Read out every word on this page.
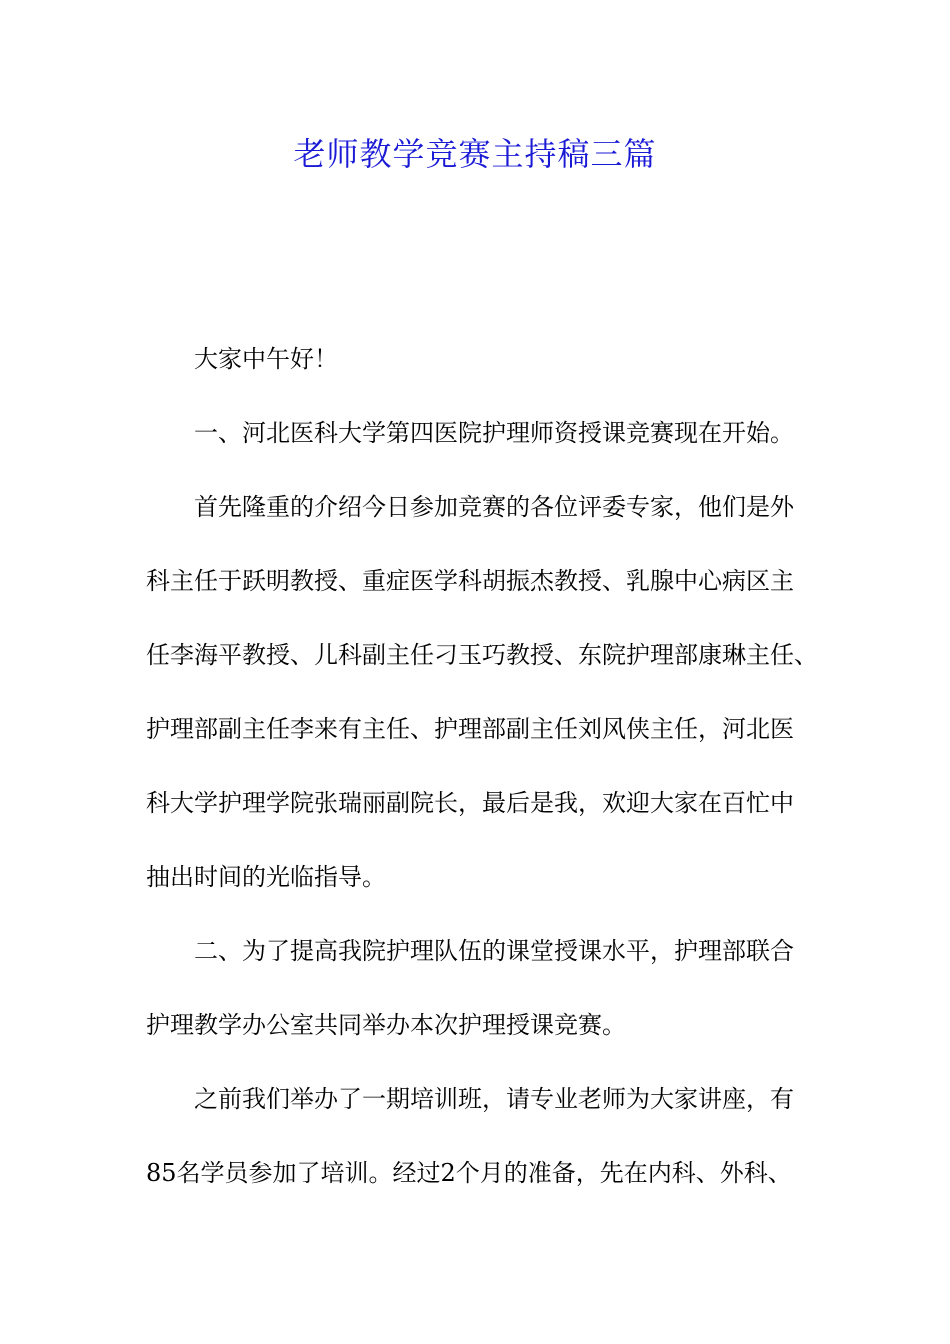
老师教学竞赛主持稿三篇
大家中午好！
一、河北医科大学第四医院护理师资授课竞赛现在开始。
首先隆重的介绍今日参加竞赛的各位评委专家，他们是外
科主任于跃明教授、重症医学科胡振杰教授、乳腺中心病区主
任李海平教授、儿科副主任刁玉巧教授、东院护理部康琳主任、
护理部副主任李来有主任、护理部副主任刘风侠主任，河北医
科大学护理学院张瑞丽副院长，最后是我，欢迎大家在百忙中
抽出时间的光临指导。
二、为了提高我院护理队伍的课堂授课水平，护理部联合
护理教学办公室共同举办本次护理授课竞赛。
之前我们举办了一期培训班，请专业老师为大家讲座，有
85名学员参加了培训。经过2个月的准备，先在内科、外科、
